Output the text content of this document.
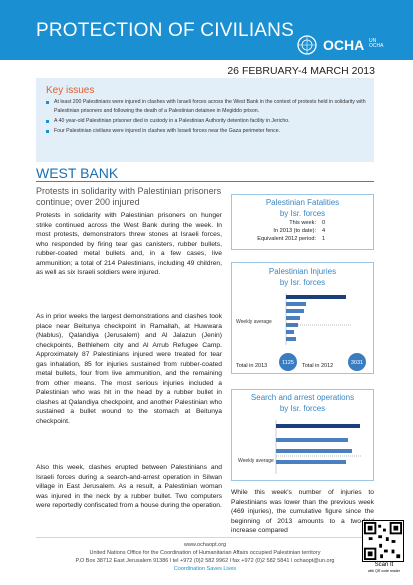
PROTECTION OF CIVILIANS
OCHA UN OCHA
26 FEBRUARY-4 MARCH 2013
Key issues
At least 200 Palestinians were injured in clashes with Israeli forces across the West Bank in the context of protests held in solidarity with Palestinian prisoners and following the death of a Palestinian detainee in Megiddo prison.
A 40 year-old Palestinian prisoner died in custody in a Palestinian Authority detention facility in Jericho.
Four Palestinian civilians were injured in clashes with Israeli forces near the Gaza perimeter fence.
WEST BANK
Protests in solidarity with Palestinian prisoners continue; over 200 injured
Protests in solidarity with Palestinian prisoners on hunger strike continued across the West Bank during the week. In most protests, demonstrators threw stones at Israeli forces, who responded by firing tear gas canisters, rubber bullets, rubber-coated metal bullets and, in a few cases, live ammunition; a total of 214 Palestinians, including 49 children, as well as six Israeli soldiers were injured.
As in prior weeks the largest demonstrations and clashes took place near Beitunya checkpoint in Ramallah, at Huwwara (Nablus), Qalandiya (Jerusalem) and Al Jalazun (Jenin) checkpoints, Bethlehem city and Al Arrub Refugee Camp. Approximately 87 Palestinians injured were treated for tear gas inhalation, 85 for injuries sustained from rubber-coated metal bullets, four from live ammunition, and the remaining from other means. The most serious injuries included a Palestinian who was hit in the head by a rubber bullet in clashes at Qalandiya checkpoint, and another Palestinian who sustained a bullet wound to the stomach at Beitunya checkpoint.
Also this week, clashes erupted between Palestinians and Israeli forces during a search-and-arrest operation in Silwan village in East Jerusalem. As a result, a Palestinian woman was injured in the neck by a rubber bullet. Two computers were reportedly confiscated from a house during the operation.
Palestinian Fatalities
by Isr. forces
This week:	0
In 2013 (to date):	4
Equivalent 2012 period:	1
Palestinian Injuries
by Isr. forces
Weekly average
Total in 2013	1125 Total in 2012	3031
Search and arrest operations
by Isr. forces
Weekly average
While this week's number of injuries to Palestinians was lower than the previous week (469 injuries), the cumulative figure since the beginning of 2013 amounts to a two-fold increase compared
www.ochaopt.org
United Nations Office for the Coordination of Humanitarian Affairs occupied Palestinian territory
P.O Box 38712 East Jerusalem 91386 l tel +972 (0)2 582 9962 l fax +972 (0)2 582 5841 l ochaopt@un.org
Coordination Saves Lives
Scan It
with QR code reader
